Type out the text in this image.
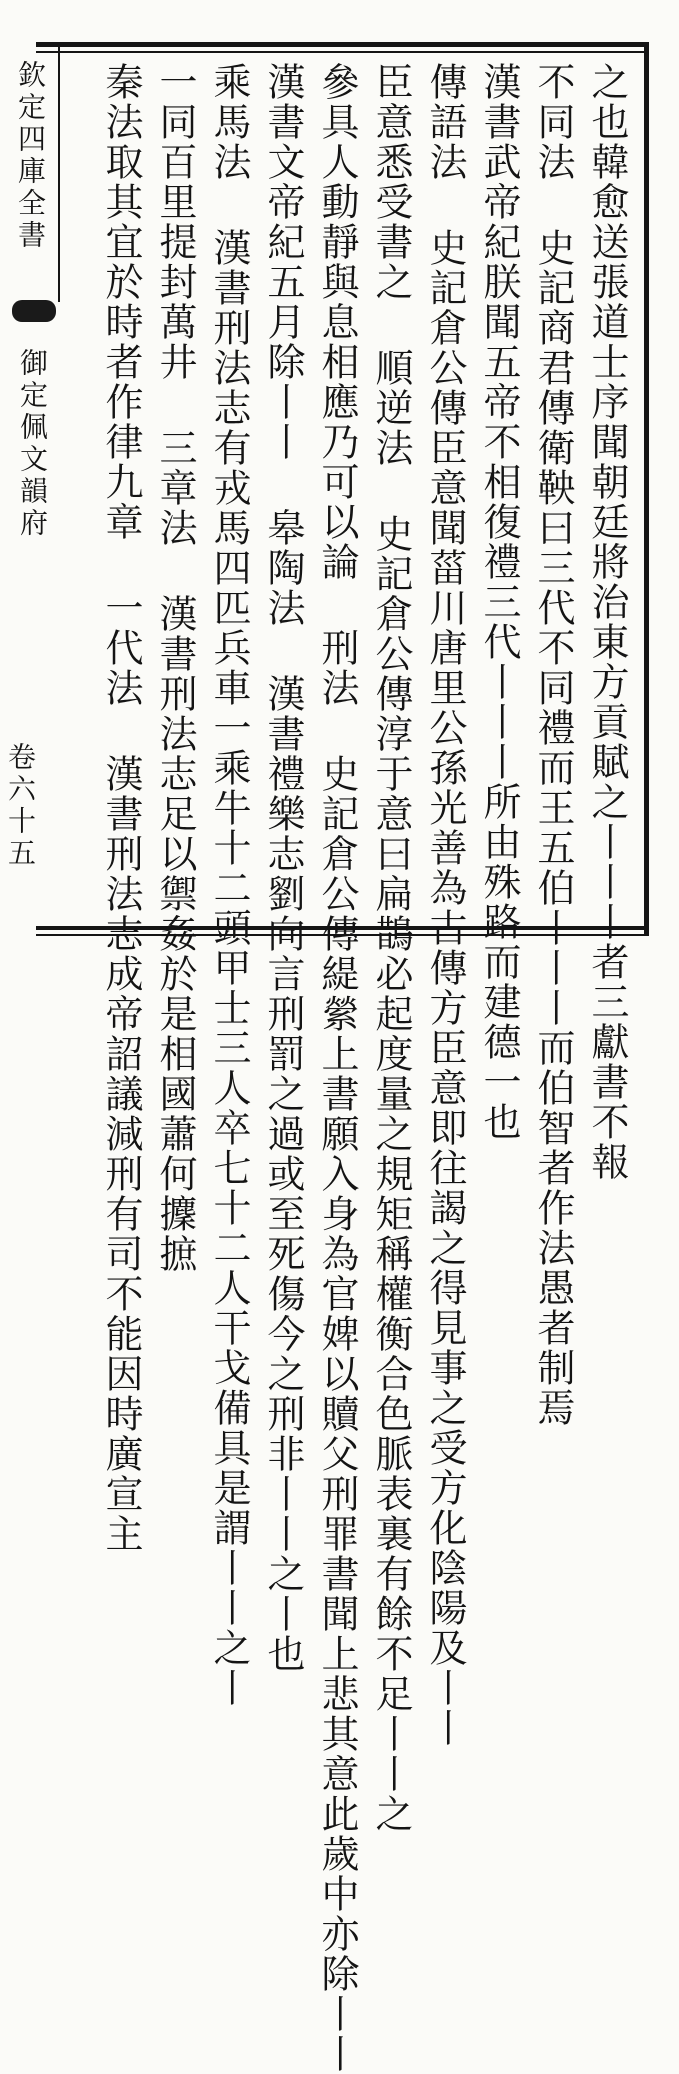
欽定四庫全書
御定佩文韻府
卷六十五	之也韓愈送張道士序聞朝廷將治東方貢賦之丨丨丨者三獻書不報
不同法 史記商君傳衛鞅曰三代不同禮而王五伯丨丨丨而伯智者作法愚者制焉
漢書武帝紀朕聞五帝不相復禮三代丨丨丨所由殊路而建德一也
傳語法 史記倉公傳臣意聞菑川唐里公孫光善為古傳方臣意即往謁之得見事之受方化陰陽及丨丨
臣意悉受書之 順逆法 史記倉公傳淳于意曰扁鵲必起度量之規矩稱權衡合色脈表裏有餘不足丨丨之
參具人動靜與息相應乃可以論 刑法 史記倉公傳緹縈上書願入身為官婢以贖父刑罪書聞上悲其意此歲中亦除丨丨
漢書文帝紀五月除丨丨 皋陶法 漢書禮樂志劉向言刑罰之過或至死傷今之刑非丨丨之丨也
乘馬法 漢書刑法志有戎馬四匹兵車一乘牛十二頭甲士三人卒七十二人干戈備具是謂丨丨之丨
一同百里提封萬井 三章法 漢書刑法志足以禦姦於是相國蕭何攈摭
秦法取其宜於時者作律九章 一代法 漢書刑法志成帝詔議減刑有司不能因時廣宣主
